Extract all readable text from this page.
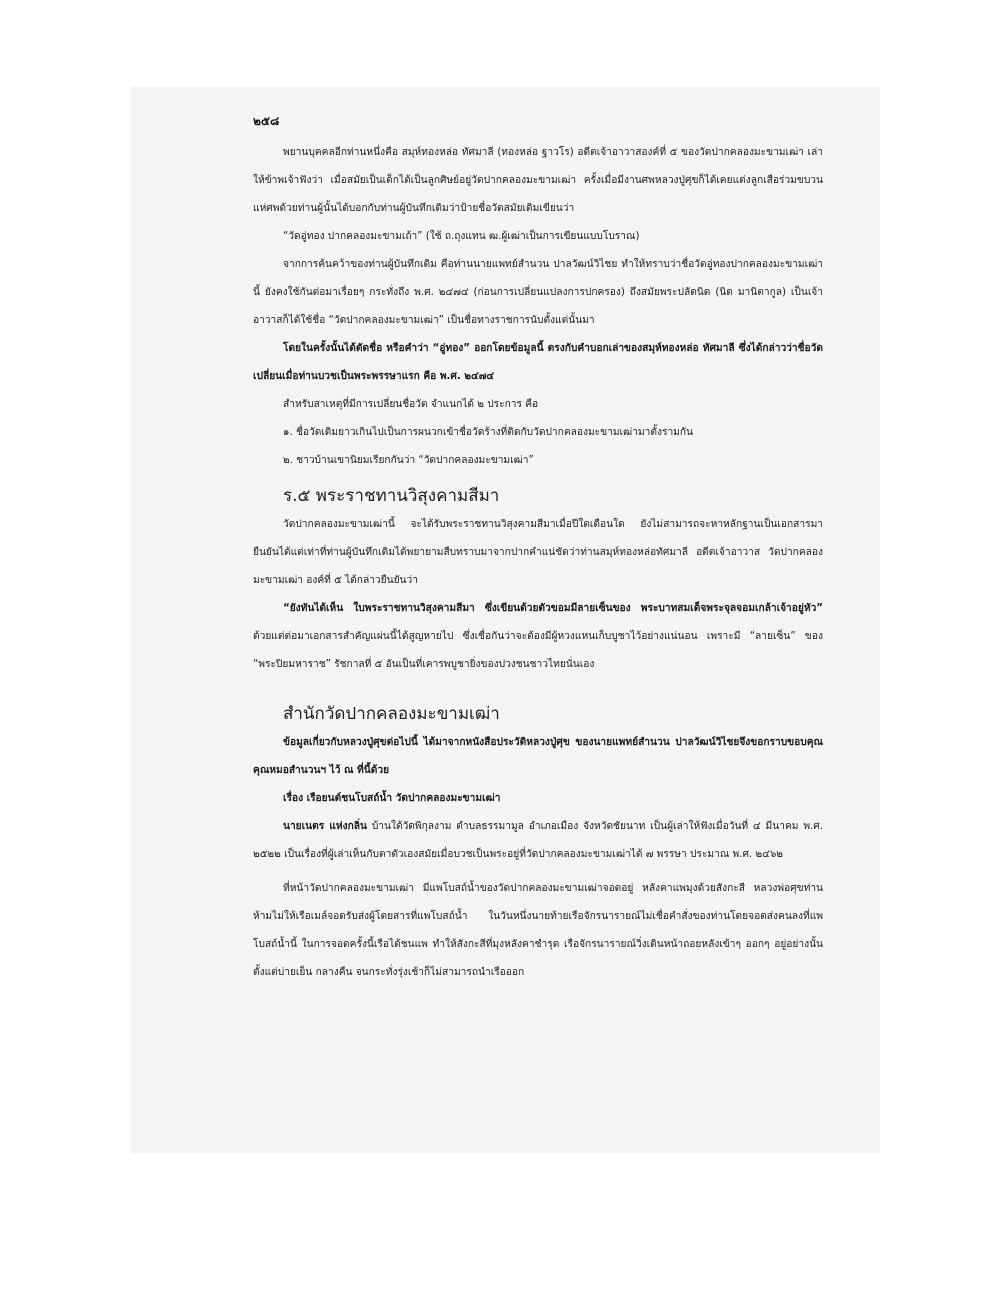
๒๕๘

พยานบุคคลอีกท่านหนึ่งคือ สมุห์ทองหล่อ ทัศมาลี (ทองหล่อ ฐาวโร) อดีตเจ้าอาวาสองค์ที่ ๕ ของวัดปากคลองมะขามเฒ่า เล่าให้ข้าพเจ้าฟังว่า เมื่อสมัยเป็นเด็กได้เป็นลูกศิษย์อยู่วัดปากคลองมะขามเฒ่า ครั้งเมื่อมีงานศพหลวงปู่ศุขก็ได้เคยแต่งลูกเสือร่วมขบวนแห่ศพด้วยท่านผู้นั้นได้บอกกับท่านผู้บันทึกเดิมว่าป้ายชื่อวัดสมัยเดิมเขียนว่า

“วัดอู่ทอง ปากคลองมะขามเถ้า” (ใช้ ถ.ถุงแทน ฒ.ผู้เฒ่าเป็นการเขียนแบบโบราณ)

จากการค้นคว้าของท่านผู้บันทึกเดิม คือท่านนายแพทย์สำนวน ปาลวัฒน์วิไชย ทำให้ทราบว่าชื่อวัดอู่ทองปากคลองมะขามเฒ่านี้ ยังคงใช้กันต่อมาเรื่อยๆ กระทั่งถึง พ.ศ. ๒๔๗๔ (ก่อนการเปลี่ยนแปลงการปกครอง) ถึงสมัยพระปลัดนิด (นิด มานิตากูล) เป็นเจ้าอาวาสก็ได้ใช้ชื่อ “วัดปากคลองมะขามเฒ่า” เป็นชื่อทางราชการนับตั้งแต่นั้นมา

โดยในครั้งนั้นได้ตัดชื่อ หรือคำว่า “อู่ทอง” ออกโดยข้อมูลนี้ ตรงกับคำบอกเล่าของสมุห์ทองหล่อ ทัศมาลี ซึ่งได้กล่าวว่าชื่อวัดเปลี่ยนเมื่อท่านบวชเป็นพระพรรษาแรก คือ พ.ศ. ๒๔๗๔

สำหรับสาเหตุที่มีการเปลี่ยนชื่อวัด จำแนกได้ ๒ ประการ คือ

๑. ชื่อวัดเดิมยาวเกินไปเป็นการผนวกเข้าชื่อวัดร้างที่ติดกับวัดปากคลองมะขามเฒ่ามาตั้งรามกัน

๒. ชาวบ้านเขานิยมเรียกกันว่า “วัดปากคลองมะขามเฒ่า”

ร.๕ พระราชทานวิสุงคามสีมา

วัดปากคลองมะขามเฒ่านี้ จะได้รับพระราชทานวิสุงคามสีมาเมื่อปีใดเดือนใด ยังไม่สามารถจะหาหลักฐานเป็นเอกสารมายืนยันได้แต่เท่าที่ท่านผู้บันทึกเดิมได้พยายามสืบทราบมาจากปากคำแน่ชัดว่าท่านสมุห์ทองหล่อทัศมาลี อดีตเจ้าอาวาส วัดปากคลองมะขามเฒ่า องค์ที่ ๕ ได้กล่าวยืนยันว่า

“ยังทันได้เห็น ใบพระราชทานวิสุงคามสีมา ซึ่งเขียนด้วยตัวขอมมีลายเซ็นของ พระบาทสมเด็จพระจุลจอมเกล้าเจ้าอยู่หัว” ด้วยแต่ต่อมาเอกสารสำคัญแผ่นนี้ได้สูญหายไป ซึ่งเชื่อกันว่าจะต้องมีผู้หวงแหนเก็บบูชาไว้อย่างแน่นอน เพราะมี “ลายเซ็น” ของ “พระปิยมหาราช” รัชกาลที่ ๕ อันเป็นที่เคารพบูชายิ่งของปวงชนชาวไทยนั่นเอง

สำนักวัดปากคลองมะขามเฒ่า

ข้อมูลเกี่ยวกับหลวงปู่ศุขต่อไปนี้ ได้มาจากหนังสือประวัติหลวงปู่ศุข ของนายแพทย์สำนวน ปาลวัฒน์วิไชยจึงขอกราบขอบคุณคุณหมอสำนวนฯ ไว้ ณ ที่นี้ด้วย

เรื่อง เรือยนต์ชนโบสถ์น้ำ วัดปากคลองมะขามเฒ่า

นายเนตร แห่งกลิ่น บ้านใต้วัดพิกุลงาม ตำบลธรรมามูล อำเภอเมือง จังหวัดชัยนาท เป็นผู้เล่าให้ฟังเมื่อวันที่ ๔ มีนาคม พ.ศ. ๒๕๒๒ เป็นเรื่องที่ผู้เล่าเห็นกับตาตัวเองสมัยเมื่อบวชเป็นพระอยู่ที่วัดปากคลองมะขามเฒ่าได้ ๗ พรรษา ประมาณ พ.ศ. ๒๔๖๒

ที่หน้าวัดปากคลองมะขามเฒ่า มีแพโบสถ์น้ำของวัดปากคลองมะขามเฒ่าจอดอยู่ หลังคาแพมุงด้วยสังกะสี หลวงพ่อศุขท่านห้ามไม่ให้เรือเมล์จอดรับส่งผู้โดยสารที่แพโบสถ์น้ำ ในวันหนึ่งนายท้ายเรือจักรนารายณ์ไม่เชื่อคำสั่งของท่านโดยจอดส่งคนลงที่แพโบสถ์น้ำนี้ ในการจอดครั้งนี้เรือได้ชนแพ ทำให้สังกะสีที่มุงหลังคาชำรุด เรือจักรนารายณ์วิ่งเดินหน้าถอยหลังเข้าๆ ออกๆ อยู่อย่างนั้นตั้งแต่บ่ายเย็น กลางคืน จนกระทั่งรุ่งเช้าก็ไม่สามารถนำเรือออก
